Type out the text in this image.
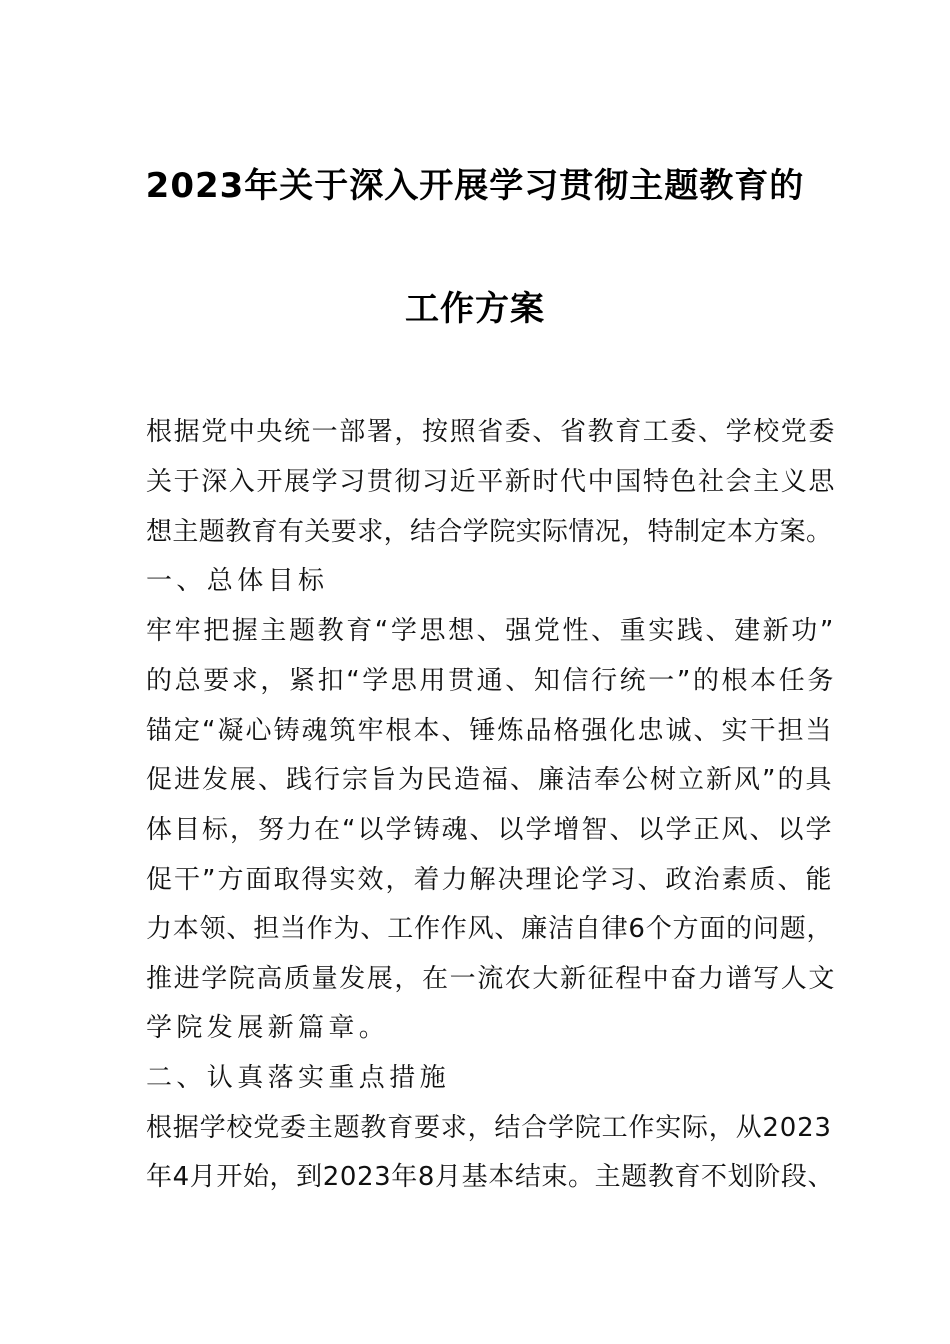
2023年关于深入开展学习贯彻主题教育的
工作方案
根据党中央统一部署，按照省委、省教育工委、学校党委
关于深入开展学习贯彻习近平新时代中国特色社会主义思
想主题教育有关要求，结合学院实际情况，特制定本方案。
一、总体目标
牢牢把握主题教育“学思想、强党性、重实践、建新功”
的总要求，紧扣“学思用贯通、知信行统一”的根本任务
锚定“凝心铸魂筑牢根本、锤炼品格强化忠诚、实干担当
促进发展、践行宗旨为民造福、廉洁奉公树立新风”的具
体目标，努力在“以学铸魂、以学增智、以学正风、以学
促干”方面取得实效，着力解决理论学习、政治素质、能
力本领、担当作为、工作作风、廉洁自律6个方面的问题，
推进学院高质量发展，在一流农大新征程中奋力谱写人文
学院发展新篇章。
二、认真落实重点措施
根据学校党委主题教育要求，结合学院工作实际，从2023
年4月开始，到2023年8月基本结束。主题教育不划阶段、
